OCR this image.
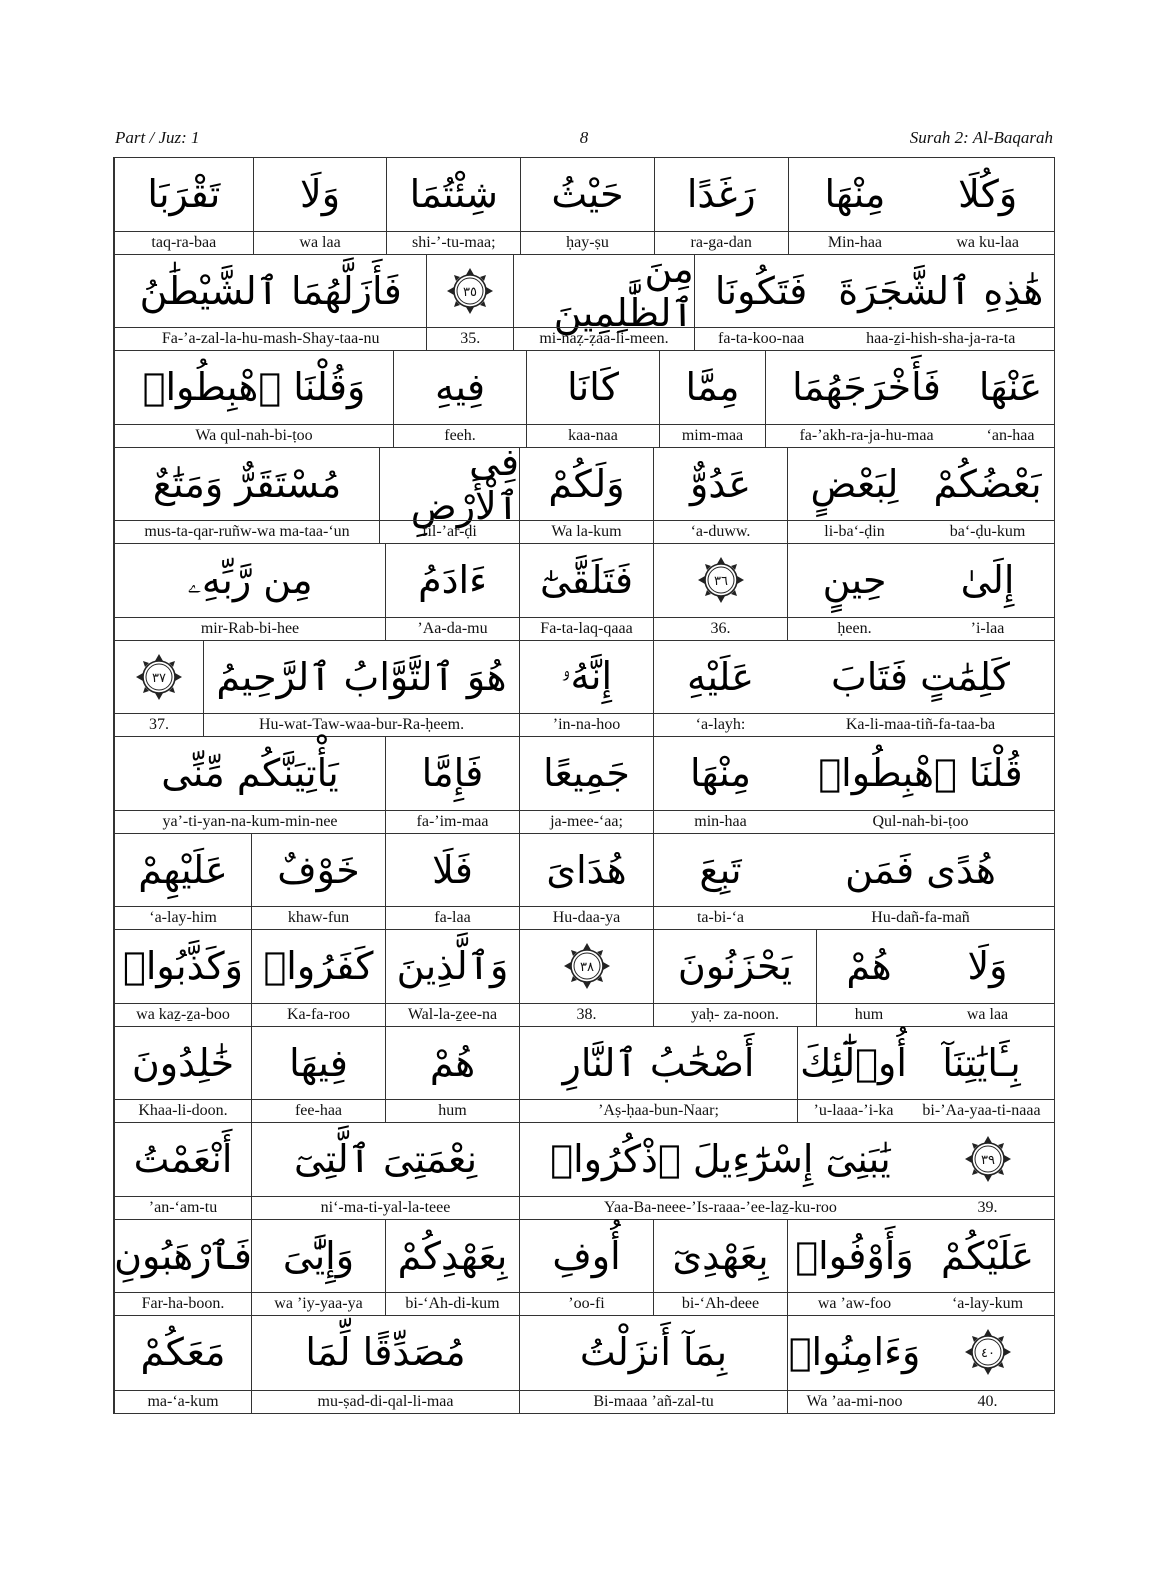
Part / Juz: 1	8	Surah 2: Al-Baqarah
وَكُلَا
wa ku-laa
مِنْهَا
Min-haa
رَغَدًا
ra-ga-dan
حَيْثُ
ḥay-ṣu
شِئْتُمَا
shi-’-tu-maa;
وَلَا
wa laa
تَقْرَبَا
taq-ra-baa
هَٰذِهِ ٱلشَّجَرَةَ
haa-ẕi-hish-sha-ja-ra-ta
فَتَكُونَا
fa-ta-koo-naa
مِنَ ٱلظَّٰلِمِينَ
mi-naẓ-ẓaa-li-meen.
٣٥
35.
فَأَزَلَّهُمَا ٱلشَّيْطَٰنُ
Fa-’a-zal-la-hu-mash-Shay-taa-nu
عَنْهَا
‘an-haa
فَأَخْرَجَهُمَا
fa-’akh-ra-ja-hu-maa
مِمَّا
mim-maa
كَانَا
kaa-naa
فِيهِ
feeh.
وَقُلْنَا ٱهْبِطُوا۟
Wa qul-nah-bi-ṭoo
بَعْضُكُمْ
ba‘-ḍu-kum
لِبَعْضٍ
li-ba‘-ḍin
عَدُوٌّ
‘a-duww.
وَلَكُمْ
Wa la-kum
فِى ٱلْأَرْضِ
fil-’ar-ḍi
مُسْتَقَرٌّ وَمَتَٰعٌ
mus-ta-qar-ruñw-wa ma-taa-‘un
إِلَىٰ
’i-laa
حِينٍ
ḥeen.
٣٦
36.
فَتَلَقَّىٰٓ
Fa-ta-laq-qaaa
ءَادَمُ
’Aa-da-mu
مِن رَّبِّهِۦ
mir-Rab-bi-hee
كَلِمَٰتٍ فَتَابَ
Ka-li-maa-tiñ-fa-taa-ba
عَلَيْهِ
‘a-layh:
إِنَّهُۥ
’in-na-hoo
هُوَ ٱلتَّوَّابُ ٱلرَّحِيمُ
Hu-wat-Taw-waa-bur-Ra-ḥeem.
٣٧
37.
قُلْنَا ٱهْبِطُوا۟
Qul-nah-bi-ṭoo
مِنْهَا
min-haa
جَمِيعًا
ja-mee-‘aa;
فَإِمَّا
fa-’im-maa
يَأْتِيَنَّكُم مِّنِّى
ya’-ti-yan-na-kum-min-nee
هُدًى فَمَن
Hu-dañ-fa-mañ
تَبِعَ
ta-bi-‘a
هُدَاىَ
Hu-daa-ya
فَلَا
fa-laa
خَوْفٌ
khaw-fun
عَلَيْهِمْ
‘a-lay-him
وَلَا
wa laa
هُمْ
hum
يَحْزَنُونَ
yaḥ- za-noon.
٣٨
38.
وَٱلَّذِينَ
Wal-la-ẕee-na
كَفَرُوا۟
Ka-fa-roo
وَكَذَّبُوا۟
wa kaẕ-ẕa-boo
بِـَٔايَٰتِنَآ
bi-’Aa-yaa-ti-naaa
أُو۟لَٰٓئِكَ
’u-laaa-’i-ka
أَصْحَٰبُ ٱلنَّارِ
’Aṣ-ḥaa-bun-Naar;
هُمْ
hum
فِيهَا
fee-haa
خَٰلِدُونَ
Khaa-li-doon.
٣٩
39.
يَٰبَنِىٓ إِسْرَٰٓءِيلَ ٱذْكُرُوا۟
Yaa-Ba-neee-’Is-raaa-’ee-laẕ-ku-roo
نِعْمَتِىَ ٱلَّتِىٓ
ni‘-ma-ti-yal-la-teee
أَنْعَمْتُ
’an-‘am-tu
عَلَيْكُمْ
‘a-lay-kum
وَأَوْفُوا۟
wa ’aw-foo
بِعَهْدِىٓ
bi-‘Ah-deee
أُوفِ
’oo-fi
بِعَهْدِكُمْ
bi-‘Ah-di-kum
وَإِيَّٰىَ
wa ’iy-yaa-ya
فَٱرْهَبُونِ
Far-ha-boon.
٤٠
40.
وَءَامِنُوا۟
Wa ’aa-mi-noo
بِمَآ أَنزَلْتُ
Bi-maaa ’añ-zal-tu
مُصَدِّقًا لِّمَا
mu-ṣad-di-qal-li-maa
مَعَكُمْ
ma-‘a-kum
